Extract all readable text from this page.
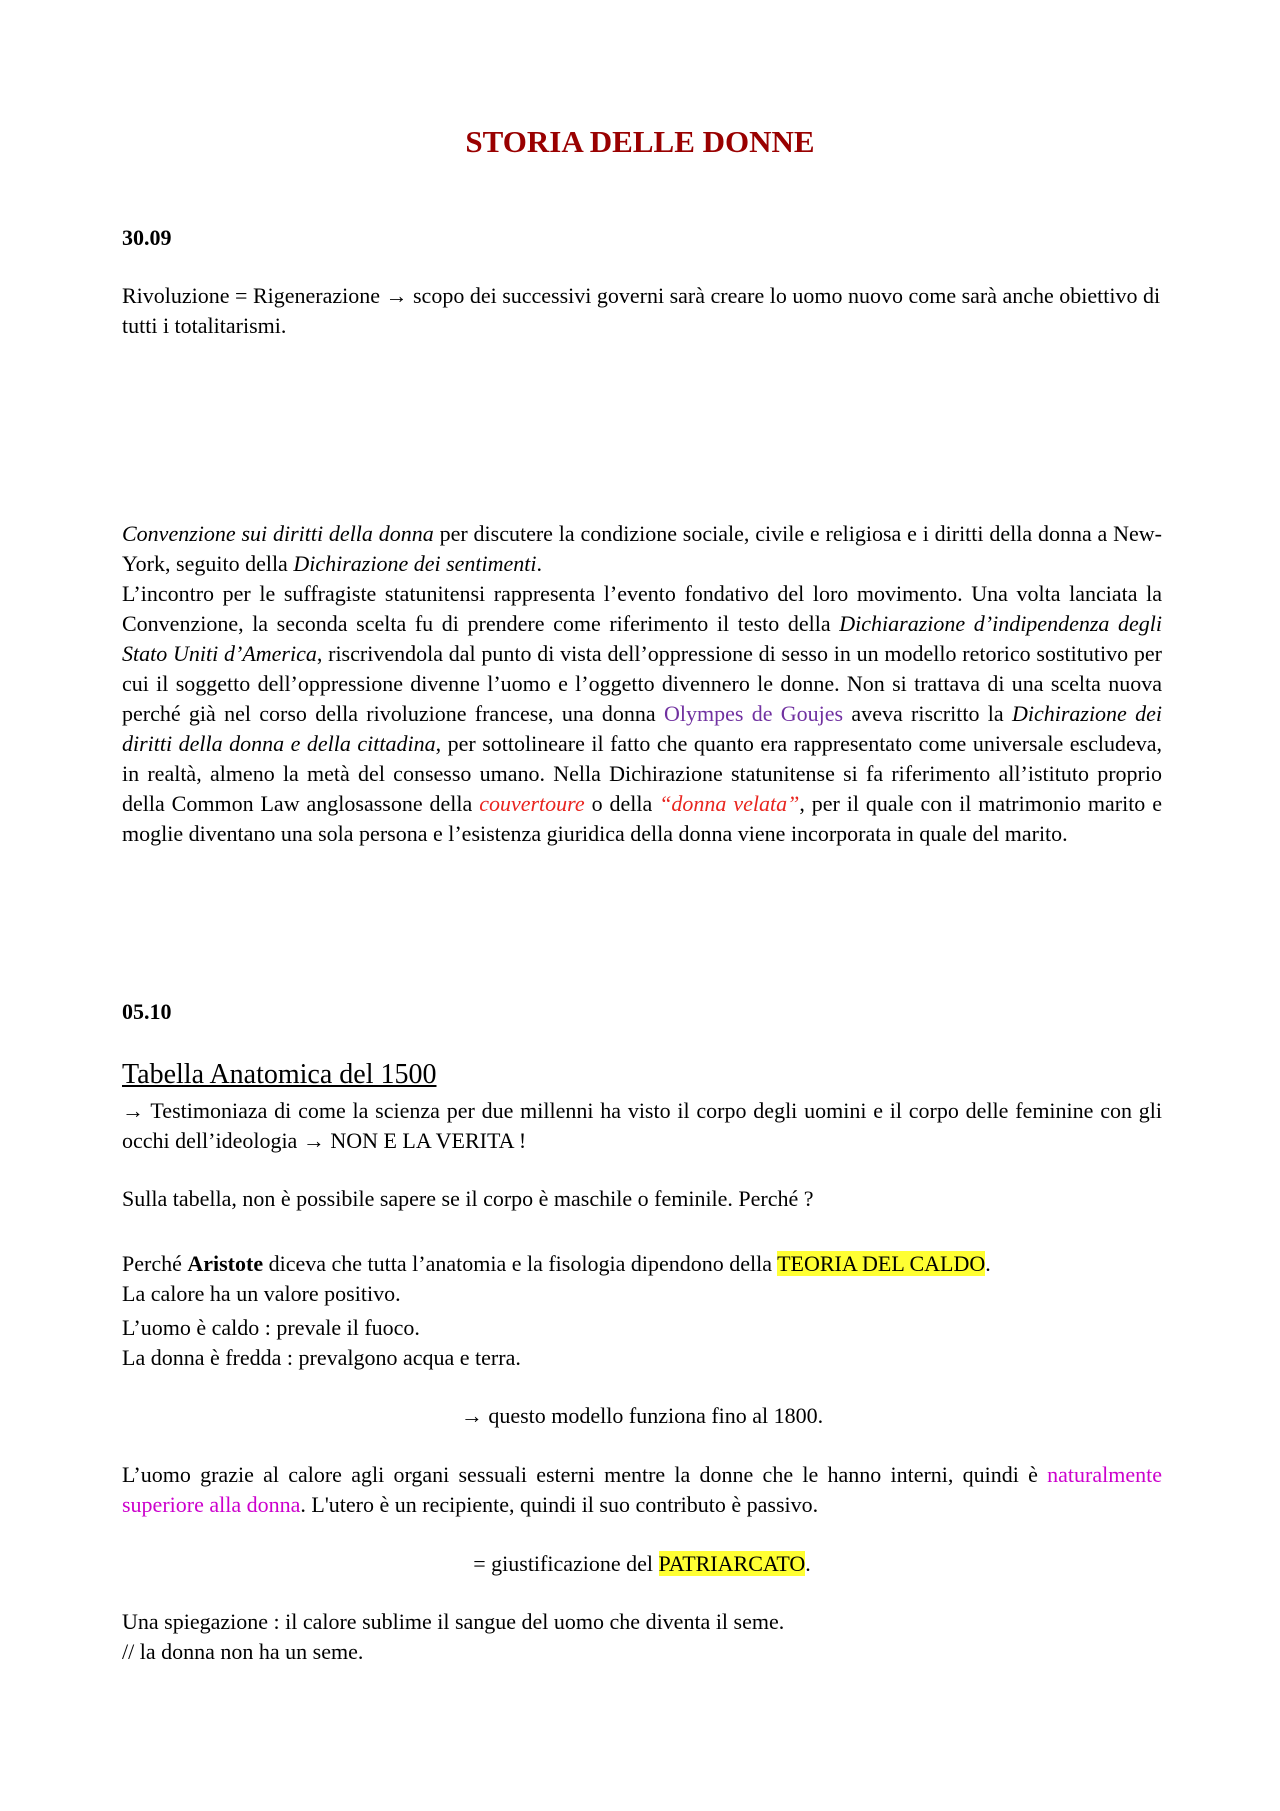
STORIA DELLE DONNE

30.09

Rivoluzione = Rigenerazione → scopo dei successivi governi sarà creare lo uomo nuovo come sarà anche obiettivo di tutti i totalitarismi.

Convenzione sui diritti della donna per discutere la condizione sociale, civile e religiosa e i diritti della donna a New-York, seguito della Dichirazione dei sentimenti.

L’incontro per le suffragiste statunitensi rappresenta l’evento fondativo del loro movimento. Una volta lanciata la Convenzione, la seconda scelta fu di prendere come riferimento il testo della Dichiarazione d’indipendenza degli Stato Uniti d’America, riscrivendola dal punto di vista dell’oppressione di sesso in un modello retorico sostitutivo per cui il soggetto dell’oppressione divenne l’uomo e l’oggetto divennero le donne. Non si trattava di una scelta nuova perché già nel corso della rivoluzione francese, una donna Olympes de Goujes aveva riscritto la Dichirazione dei diritti della donna e della cittadina, per sottolineare il fatto che quanto era rappresentato come universale escludeva, in realtà, almeno la metà del consesso umano. Nella Dichirazione statunitense si fa riferimento all’istituto proprio della Common Law anglosassone della couvertoure o della “donna velata”, per il quale con il matrimonio marito e moglie diventano una sola persona e l’esistenza giuridica della donna viene incorporata in quale del marito.

05.10

Tabella Anatomica del 1500

→ Testimoniaza di come la scienza per due millenni ha visto il corpo degli uomini e il corpo delle feminine con gli occhi dell’ideologia → NON E LA VERITA !

Sulla tabella, non è possibile sapere se il corpo è maschile o feminile. Perché ?

Perché Aristote diceva che tutta l’anatomia e la fisologia dipendono della TEORIA DEL CALDO.
La calore ha un valore positivo.

L’uomo è caldo : prevale il fuoco.
La donna è fredda : prevalgono acqua e terra.

→ questo modello funziona fino al 1800.

L’uomo grazie al calore agli organi sessuali esterni mentre la donne che le hanno interni, quindi è naturalmente superiore alla donna. L'utero è un recipiente, quindi il suo contributo è passivo.

= giustificazione del PATRIARCATO.

Una spiegazione : il calore sublime il sangue del uomo che diventa il seme.
// la donna non ha un seme.
